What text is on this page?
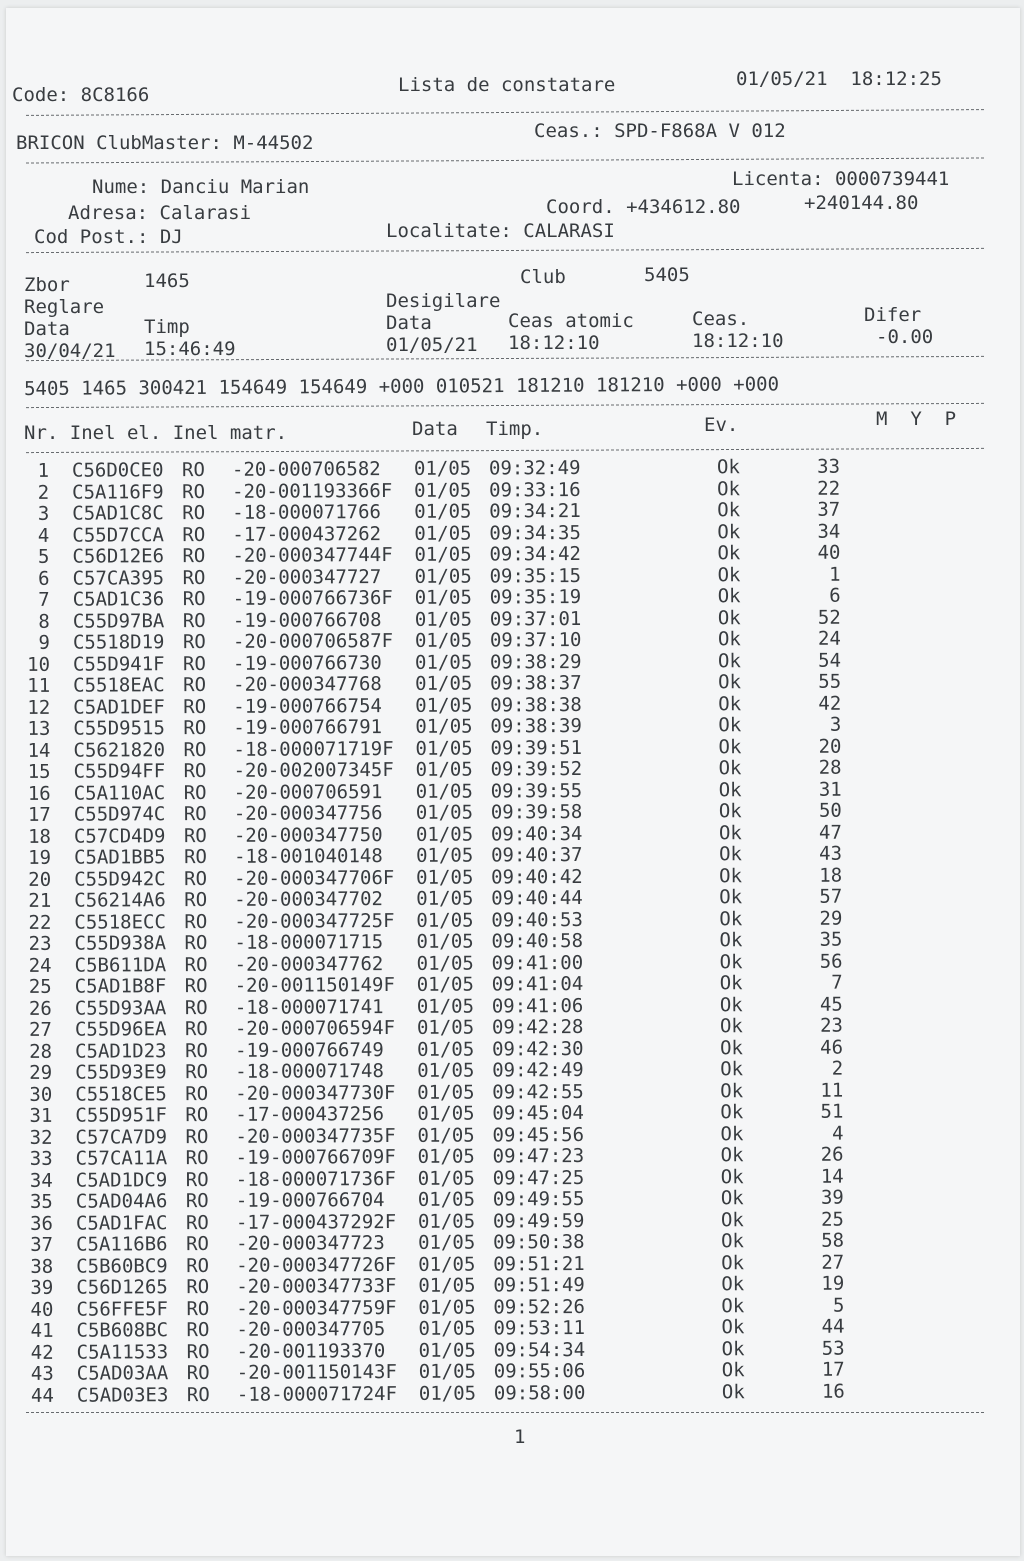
Code: 8C8166	Lista de constatare	01/05/21  18:12:25
BRICON ClubMaster: M-44502
Ceas.: SPD-F868A V 012
Nume: Danciu Marian
Adresa: Calarasi
Cod Post.: DJ
Licenta: 0000739441
Coord. +434612.80	+240144.80
Localitate: CALARASI
Zbor	1465	Club	5405
Reglare	Desigilare
Data	Timp	Data	Ceas atomic	Ceas.	Difer
30/04/21 15:46:49	01/05/21 18:12:10	18:12:10	-0.00
5405 1465 300421 154649 154649 +000 010521 181210 181210 +000 +000
Nr. Inel el. Inel matr.	Data Timp.	Ev.	M  Y  P
1 C56D0CE0 RO -20-000706582 01/05 09:32:49	Ok	33
2 C5A116F9 RO -20-001193366F 01/05 09:33:16	Ok	22
3 C5AD1C8C RO -18-000071766 01/05 09:34:21	Ok	37
4 C55D7CCA RO -17-000437262 01/05 09:34:35	Ok	34
5 C56D12E6 RO -20-000347744F 01/05 09:34:42	Ok	40
6 C57CA395 RO -20-000347727 01/05 09:35:15	Ok	1
7 C5AD1C36 RO -19-000766736F 01/05 09:35:19	Ok	6
8 C55D97BA RO -19-000766708 01/05 09:37:01	Ok	52
9 C5518D19 RO -20-000706587F 01/05 09:37:10	Ok	24
10 C55D941F RO -19-000766730 01/05 09:38:29	Ok	54
11 C5518EAC RO -20-000347768 01/05 09:38:37	Ok	55
12 C5AD1DEF RO -19-000766754 01/05 09:38:38	Ok	42
13 C55D9515 RO -19-000766791 01/05 09:38:39	Ok	3
14 C5621820 RO -18-000071719F 01/05 09:39:51	Ok	20
15 C55D94FF RO -20-002007345F 01/05 09:39:52	Ok	28
16 C5A110AC RO -20-000706591 01/05 09:39:55	Ok	31
17 C55D974C RO -20-000347756 01/05 09:39:58	Ok	50
18 C57CD4D9 RO -20-000347750 01/05 09:40:34	Ok	47
19 C5AD1BB5 RO -18-001040148 01/05 09:40:37	Ok	43
20 C55D942C RO -20-000347706F 01/05 09:40:42	Ok	18
21 C56214A6 RO -20-000347702 01/05 09:40:44	Ok	57
22 C5518ECC RO -20-000347725F 01/05 09:40:53	Ok	29
23 C55D938A RO -18-000071715 01/05 09:40:58	Ok	35
24 C5B611DA RO -20-000347762 01/05 09:41:00	Ok	56
25 C5AD1B8F RO -20-001150149F 01/05 09:41:04	Ok	7
26 C55D93AA RO -18-000071741 01/05 09:41:06	Ok	45
27 C55D96EA RO -20-000706594F 01/05 09:42:28	Ok	23
28 C5AD1D23 RO -19-000766749 01/05 09:42:30	Ok	46
29 C55D93E9 RO -18-000071748 01/05 09:42:49	Ok	2
30 C5518CE5 RO -20-000347730F 01/05 09:42:55	Ok	11
31 C55D951F RO -17-000437256 01/05 09:45:04	Ok	51
32 C57CA7D9 RO -20-000347735F 01/05 09:45:56	Ok	4
33 C57CA11A RO -19-000766709F 01/05 09:47:23	Ok	26
34 C5AD1DC9 RO -18-000071736F 01/05 09:47:25	Ok	14
35 C5AD04A6 RO -19-000766704 01/05 09:49:55	Ok	39
36 C5AD1FAC RO -17-000437292F 01/05 09:49:59	Ok	25
37 C5A116B6 RO -20-000347723 01/05 09:50:38	Ok	58
38 C5B60BC9 RO -20-000347726F 01/05 09:51:21	Ok	27
39 C56D1265 RO -20-000347733F 01/05 09:51:49	Ok	19
40 C56FFE5F RO -20-000347759F 01/05 09:52:26	Ok	5
41 C5B608BC RO -20-000347705 01/05 09:53:11	Ok	44
42 C5A11533 RO -20-001193370 01/05 09:54:34	Ok	53
43 C5AD03AA RO -20-001150143F 01/05 09:55:06	Ok	17
44 C5AD03E3 RO -18-000071724F 01/05 09:58:00	Ok	16
1
